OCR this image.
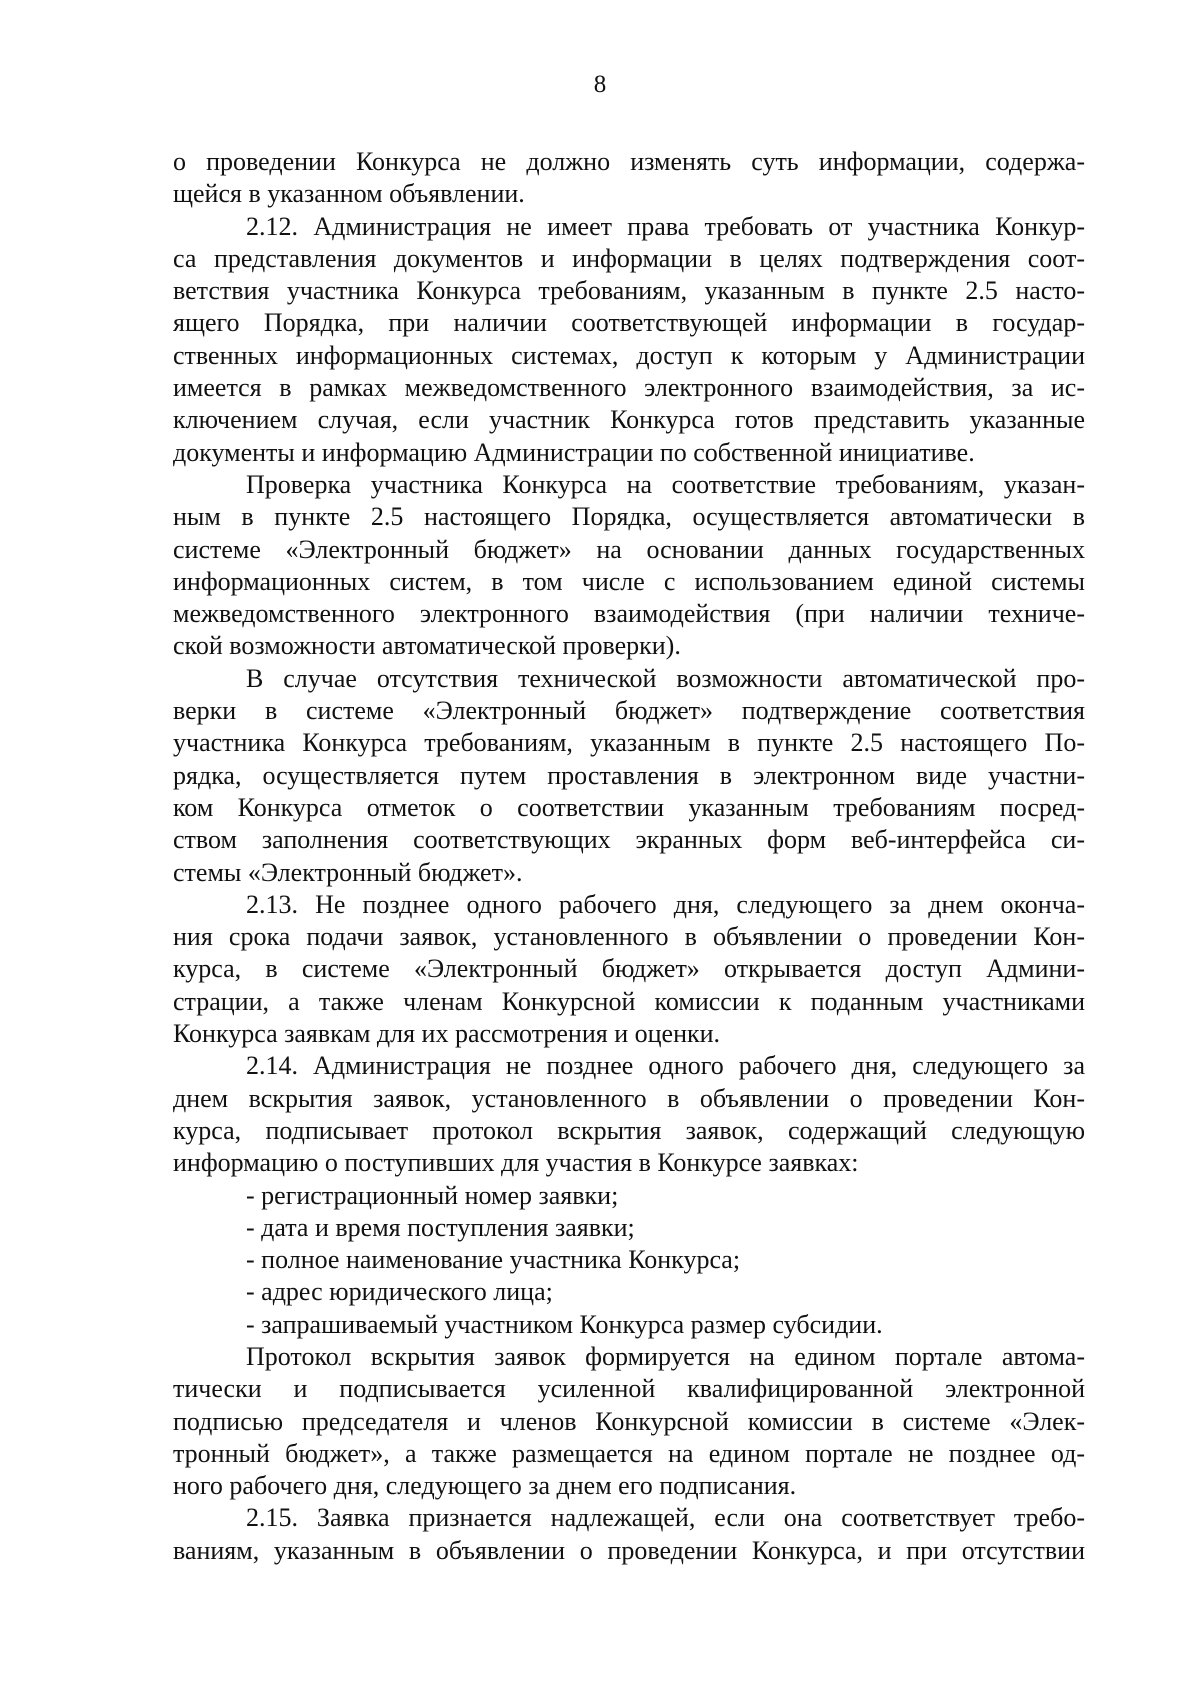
8
о проведении Конкурса не должно изменять суть информации, содержа-
щейся в указанном объявлении.
2.12. Администрация не имеет права требовать от участника Конкур-
са представления документов и информации в целях подтверждения соот-
ветствия участника Конкурса требованиям, указанным в пункте 2.5 насто-
ящего Порядка, при наличии соответствующей информации в государ-
ственных информационных системах, доступ к которым у Администрации
имеется в рамках межведомственного электронного взаимодействия, за ис-
ключением случая, если участник Конкурса готов представить указанные
документы и информацию Администрации по собственной инициативе.
Проверка участника Конкурса на соответствие требованиям, указан-
ным в пункте 2.5 настоящего Порядка, осуществляется автоматически в
системе «Электронный бюджет» на основании данных государственных
информационных систем, в том числе с использованием единой системы
межведомственного электронного взаимодействия (при наличии техниче-
ской возможности автоматической проверки).
В случае отсутствия технической возможности автоматической про-
верки в системе «Электронный бюджет» подтверждение соответствия
участника Конкурса требованиям, указанным в пункте 2.5 настоящего По-
рядка, осуществляется путем проставления в электронном виде участни-
ком Конкурса отметок о соответствии указанным требованиям посред-
ством заполнения соответствующих экранных форм веб-интерфейса си-
стемы «Электронный бюджет».
2.13. Не позднее одного рабочего дня, следующего за днем оконча-
ния срока подачи заявок, установленного в объявлении о проведении Кон-
курса, в системе «Электронный бюджет» открывается доступ Админи-
страции, а также членам Конкурсной комиссии к поданным участниками
Конкурса заявкам для их рассмотрения и оценки.
2.14. Администрация не позднее одного рабочего дня, следующего за
днем вскрытия заявок, установленного в объявлении о проведении Кон-
курса, подписывает протокол вскрытия заявок, содержащий следующую
информацию о поступивших для участия в Конкурсе заявках:
- регистрационный номер заявки;
- дата и время поступления заявки;
- полное наименование участника Конкурса;
- адрес юридического лица;
- запрашиваемый участником Конкурса размер субсидии.
Протокол вскрытия заявок формируется на едином портале автома-
тически и подписывается усиленной квалифицированной электронной
подписью председателя и членов Конкурсной комиссии в системе «Элек-
тронный бюджет», а также размещается на едином портале не позднее од-
ного рабочего дня, следующего за днем его подписания.
2.15. Заявка признается надлежащей, если она соответствует требо-
ваниям, указанным в объявлении о проведении Конкурса, и при отсутствии
